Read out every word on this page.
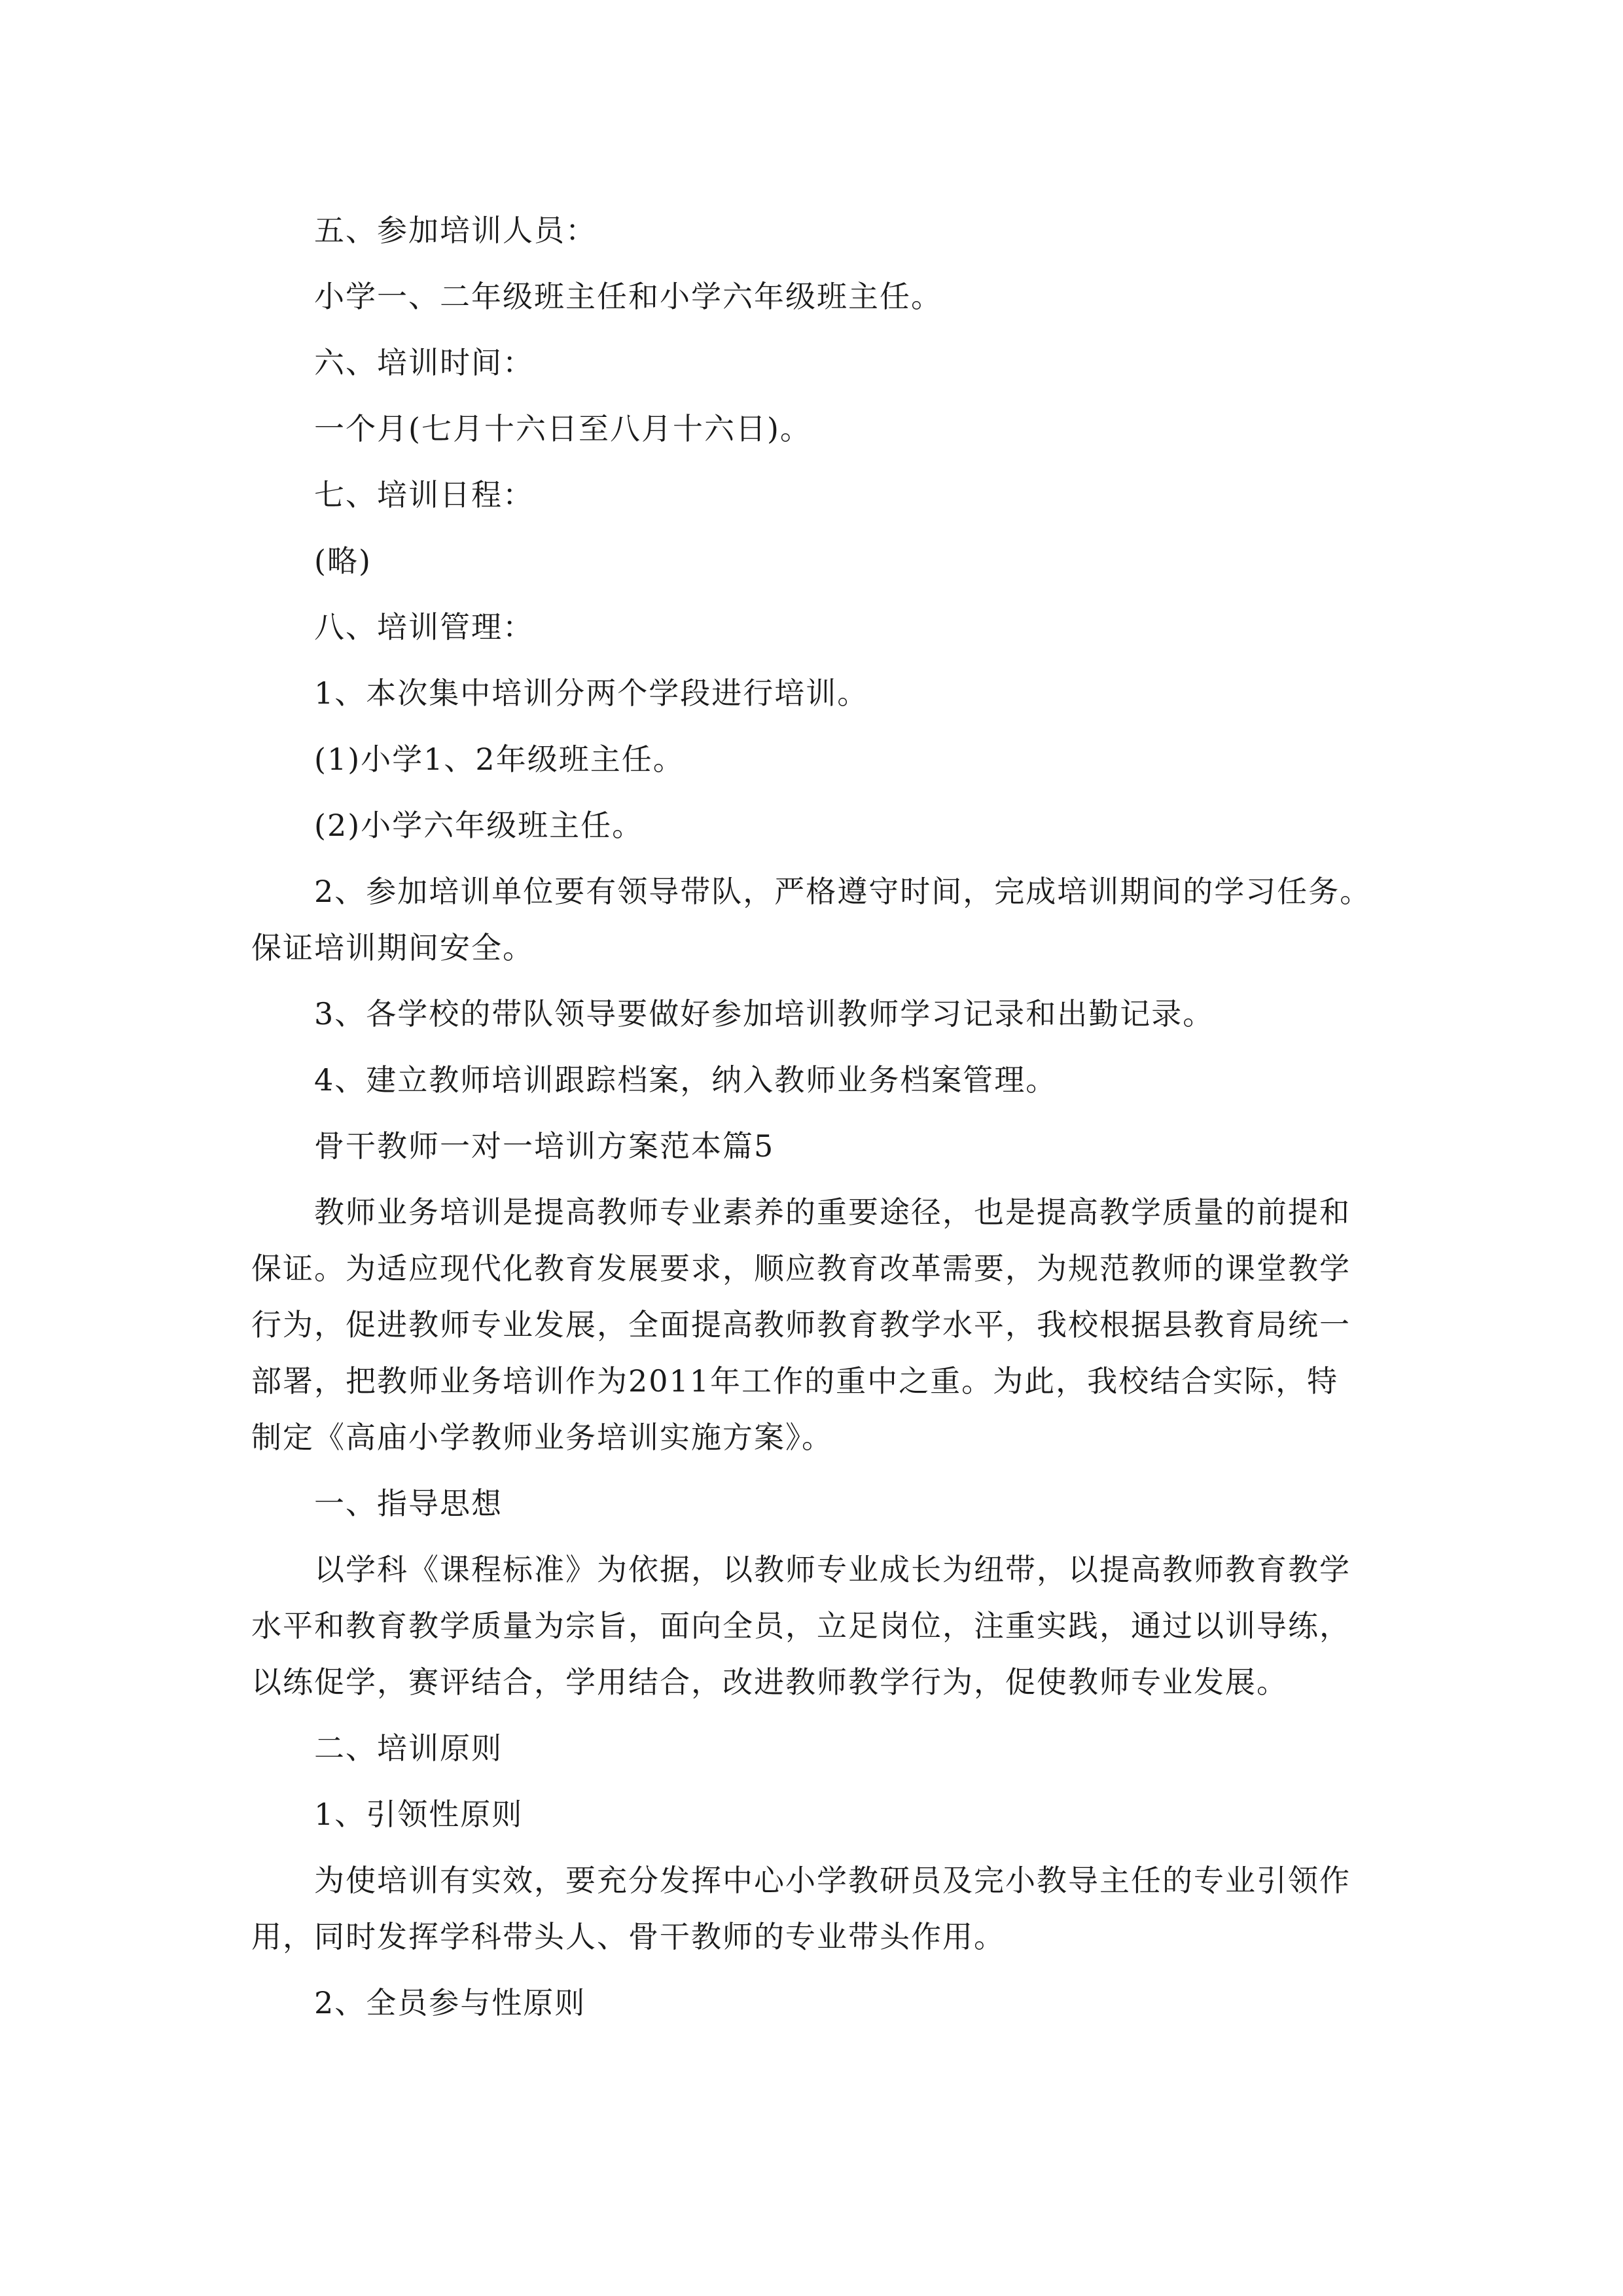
五、参加培训人员：
小学一、二年级班主任和小学六年级班主任。
六、培训时间：
一个月(七月十六日至八月十六日)。
七、培训日程：
(略)
八、培训管理：
1、本次集中培训分两个学段进行培训。
(1)小学1、2年级班主任。
(2)小学六年级班主任。
2、参加培训单位要有领导带队，严格遵守时间，完成培训期间的学习任务。
保证培训期间安全。
3、各学校的带队领导要做好参加培训教师学习记录和出勤记录。
4、建立教师培训跟踪档案，纳入教师业务档案管理。
骨干教师一对一培训方案范本篇5
教师业务培训是提高教师专业素养的重要途径，也是提高教学质量的前提和
保证。为适应现代化教育发展要求，顺应教育改革需要，为规范教师的课堂教学
行为，促进教师专业发展，全面提高教师教育教学水平，我校根据县教育局统一
部署，把教师业务培训作为2011年工作的重中之重。为此，我校结合实际，特
制定《高庙小学教师业务培训实施方案》。
一、指导思想
以学科《课程标准》为依据，以教师专业成长为纽带，以提高教师教育教学
水平和教育教学质量为宗旨，面向全员，立足岗位，注重实践，通过以训导练，
以练促学，赛评结合，学用结合，改进教师教学行为，促使教师专业发展。
二、培训原则
1、引领性原则
为使培训有实效，要充分发挥中心小学教研员及完小教导主任的专业引领作
用，同时发挥学科带头人、骨干教师的专业带头作用。
2、全员参与性原则
